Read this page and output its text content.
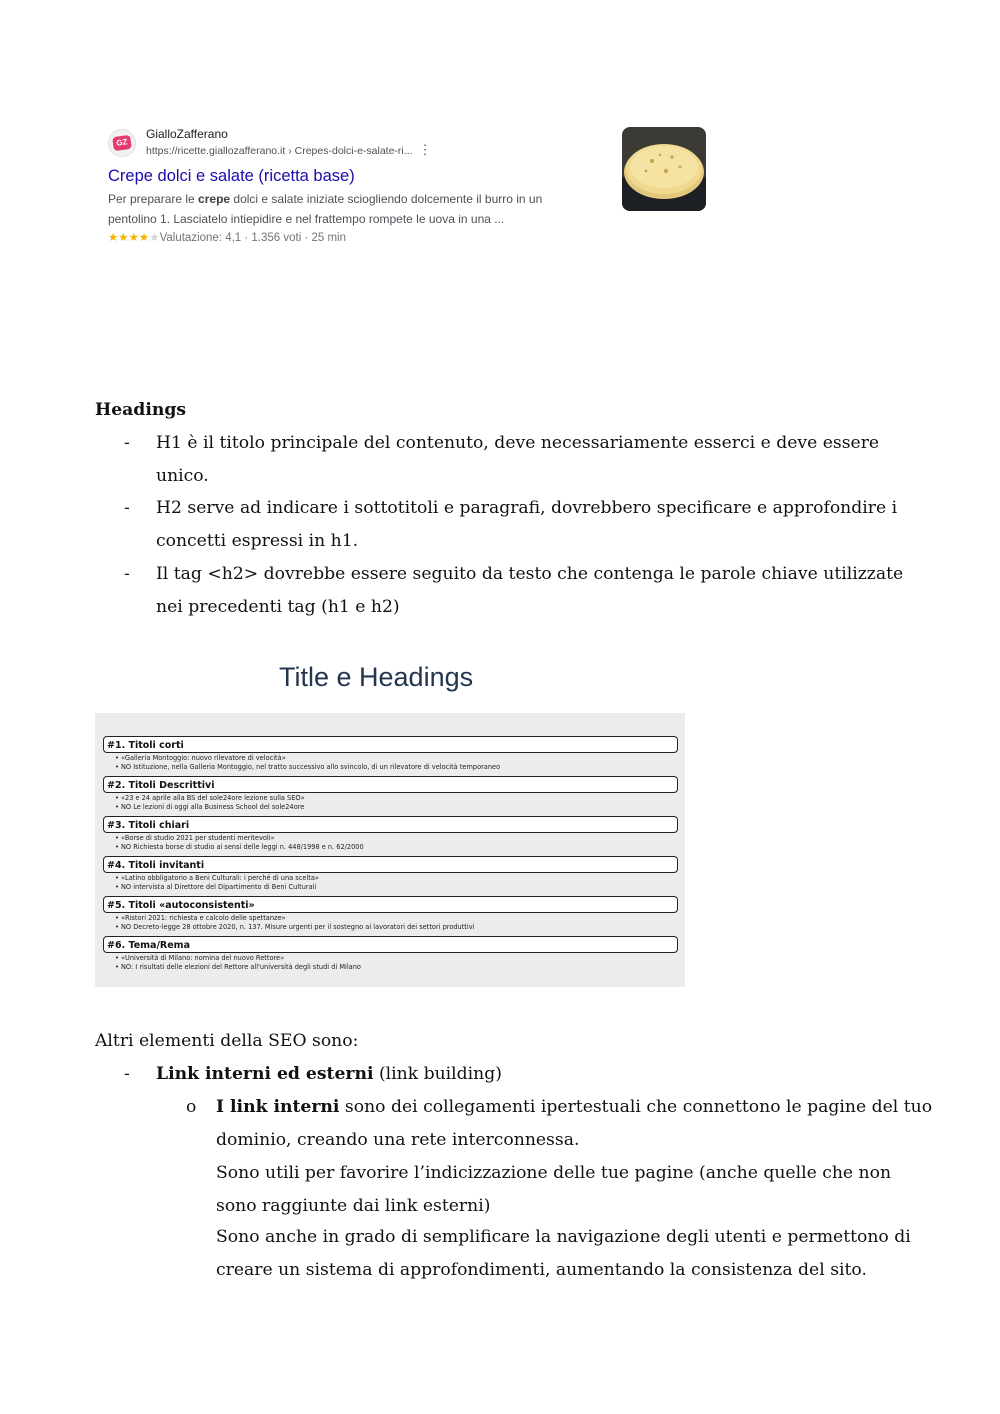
GZ
GialloZafferano
https://ricette.giallozafferano.it › Crepes-dolci-e-salate-ri... ⋮
Crepe dolci e salate (ricetta base)
Per preparare le crepe dolci e salate iniziate sciogliendo dolcemente il burro in un pentolino 1. Lasciatelo intiepidire e nel frattempo rompete le uova in una ...
★★★★★Valutazione: 4,1 · 1.356 voti · 25 min
Headings
- H1 è il titolo principale del contenuto, deve necessariamente esserci e deve essere unico.
- H2 serve ad indicare i sottotitoli e paragrafi, dovrebbero specificare e approfondire i concetti espressi in h1.
- Il tag <h2> dovrebbe essere seguito da testo che contenga le parole chiave utilizzate nei precedenti tag (h1 e h2)
Title e Headings
#1. Titoli corti
• «Galleria Montoggio: nuovo rilevatore di velocità»
• NO Istituzione, nella Galleria Montoggio, nel tratto successivo allo svincolo, di un rilevatore di velocità temporaneo
#2. Titoli Descrittivi
• «23 e 24 aprile alla BS del sole24ore lezione sulla SEO»
• NO Le lezioni di oggi alla Business School del sole24ore
#3. Titoli chiari
• «Borse di studio 2021 per studenti meritevoli»
• NO Richiesta borse di studio ai sensi delle leggi n. 448/1998 e n. 62/2000
#4. Titoli invitanti
• «Latino obbligatorio a Beni Culturali: i perché di una scelta»
• NO intervista al Direttore del Dipartimento di Beni Culturali
#5. Titoli «autoconsistenti»
• «Ristori 2021: richiesta e calcolo delle spettanze»
• NO Decreto-legge 28 ottobre 2020, n. 137. Misure urgenti per il sostegno ai lavoratori dei settori produttivi
#6. Tema/Rema
• «Università di Milano: nomina del nuovo Rettore»
• NO: I risultati delle elezioni del Rettore all'università degli studi di Milano
Altri elementi della SEO sono:
- Link interni ed esterni (link building)
o I link interni sono dei collegamenti ipertestuali che connettono le pagine del tuo dominio, creando una rete interconnessa.
Sono utili per favorire l’indicizzazione delle tue pagine (anche quelle che non sono raggiunte dai link esterni)
Sono anche in grado di semplificare la navigazione degli utenti e permettono di creare un sistema di approfondimenti, aumentando la consistenza del sito.
